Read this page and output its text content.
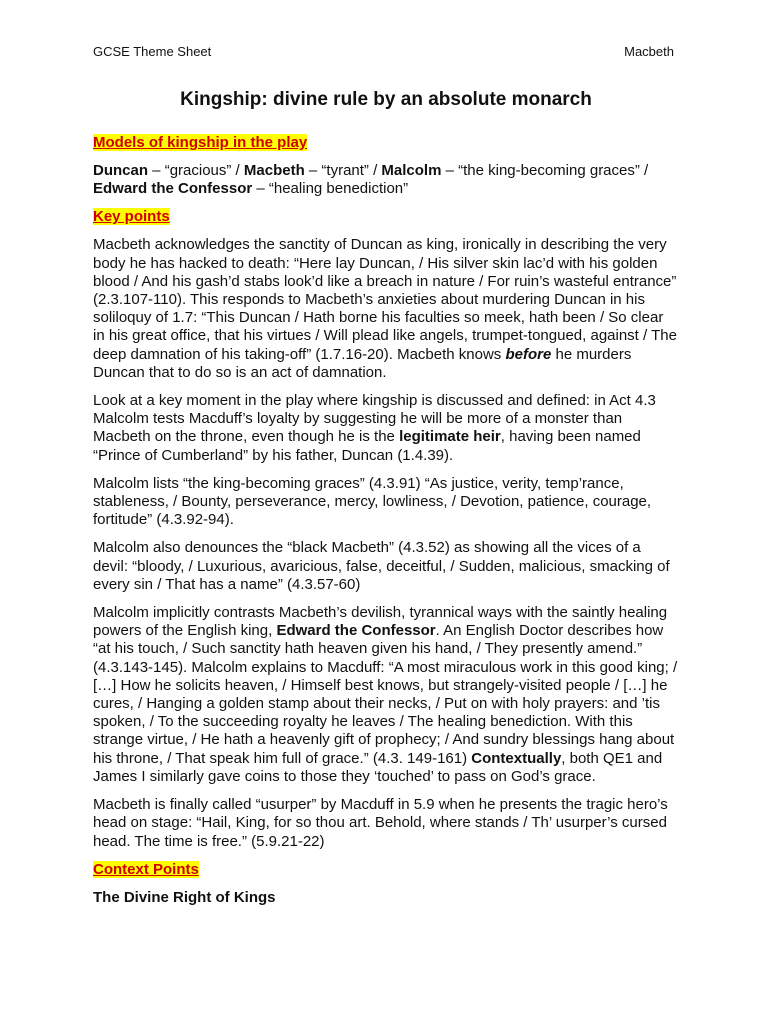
GCSE Theme Sheet	Macbeth
Kingship: divine rule by an absolute monarch
Models of kingship in the play

Duncan – “gracious” / Macbeth – “tyrant” / Malcolm – “the king-becoming graces” / Edward the Confessor – “healing benediction”

Key points

Macbeth acknowledges the sanctity of Duncan as king, ironically in describing the very body he has hacked to death: “Here lay Duncan, / His silver skin lac’d with his golden blood / And his gash’d stabs look’d like a breach in nature / For ruin’s wasteful entrance” (2.3.107-110). This responds to Macbeth’s anxieties about murdering Duncan in his soliloquy of 1.7: “This Duncan / Hath borne his faculties so meek, hath been / So clear in his great office, that his virtues / Will plead like angels, trumpet-tongued, against / The deep damnation of his taking-off” (1.7.16-20). Macbeth knows before he murders Duncan that to do so is an act of damnation.

Look at a key moment in the play where kingship is discussed and defined: in Act 4.3 Malcolm tests Macduff’s loyalty by suggesting he will be more of a monster than Macbeth on the throne, even though he is the legitimate heir, having been named “Prince of Cumberland” by his father, Duncan (1.4.39).

Malcolm lists “the king-becoming graces” (4.3.91) “As justice, verity, temp’rance, stableness, / Bounty, perseverance, mercy, lowliness, / Devotion, patience, courage, fortitude” (4.3.92-94).

Malcolm also denounces the “black Macbeth” (4.3.52) as showing all the vices of a devil: “bloody, / Luxurious, avaricious, false, deceitful, / Sudden, malicious, smacking of every sin / That has a name” (4.3.57-60)

Malcolm implicitly contrasts Macbeth’s devilish, tyrannical ways with the saintly healing powers of the English king, Edward the Confessor. An English Doctor describes how “at his touch, / Such sanctity hath heaven given his hand, / They presently amend.” (4.3.143-145). Malcolm explains to Macduff: “A most miraculous work in this good king; / […] How he solicits heaven, / Himself best knows, but strangely-visited people / […] he cures, / Hanging a golden stamp about their necks, / Put on with holy prayers: and ’tis spoken, / To the succeeding royalty he leaves / The healing benediction. With this strange virtue, / He hath a heavenly gift of prophecy; / And sundry blessings hang about his throne, / That speak him full of grace.” (4.3. 149-161) Contextually, both QE1 and James I similarly gave coins to those they ‘touched’ to pass on God’s grace.

Macbeth is finally called “usurper” by Macduff in 5.9 when he presents the tragic hero’s head on stage: “Hail, King, for so thou art. Behold, where stands / Th’ usurper’s cursed head. The time is free.” (5.9.21-22)

Context Points
The Divine Right of Kings
